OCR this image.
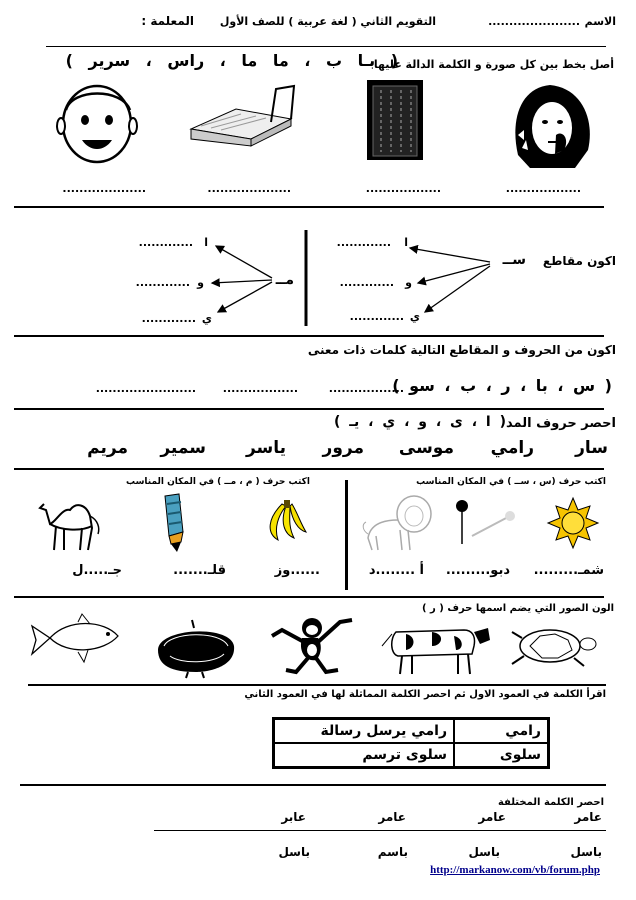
الاسم
......................
التقويم الثاني ( لغة عربية ) للصف الأول
المعلمة :
أصل بخط بين كل صورة و الكلمة الدالة عليها
( بـا ب ، ما ما ، راس ، سرير )
..................
..................
....................
....................
اكون مقاطع
ســ
ا
و
ي
.............
.............
.............
مــ
ا
و
ي
.............
.............
.............
اكون من الحروف و المقاطع التالية كلمات ذات معنى
( س ، با ، ر ، ب ، سو )
..................
..................
........................
احصر حروف المد
( ا ، ى ، و ، ي ، يـ )
سار
رامي
موسى
مرور
ياسر
سمير
مريم
اكتب حرف (س ، ســ ) في المكان المناسب
اكتب حرف ( م ، مــ ) في المكان المناسب
شمـ.........
دبو.........
أ ........د
......وز
قلـ.......
جـ.....ل
الون الصور التي يضم اسمها حرف ( ر )
اقرأ الكلمة في العمود الاول ثم احصر الكلمة المماثلة لها في العمود الثاني
رامي	رامي يرسل رسالة
سلوى	سلوى ترسم
احصر الكلمة المختلفة
عامر
عامر
عامر
عابر
باسل
باسل
باسم
باسل
http://markanow.com/vb/forum.php
